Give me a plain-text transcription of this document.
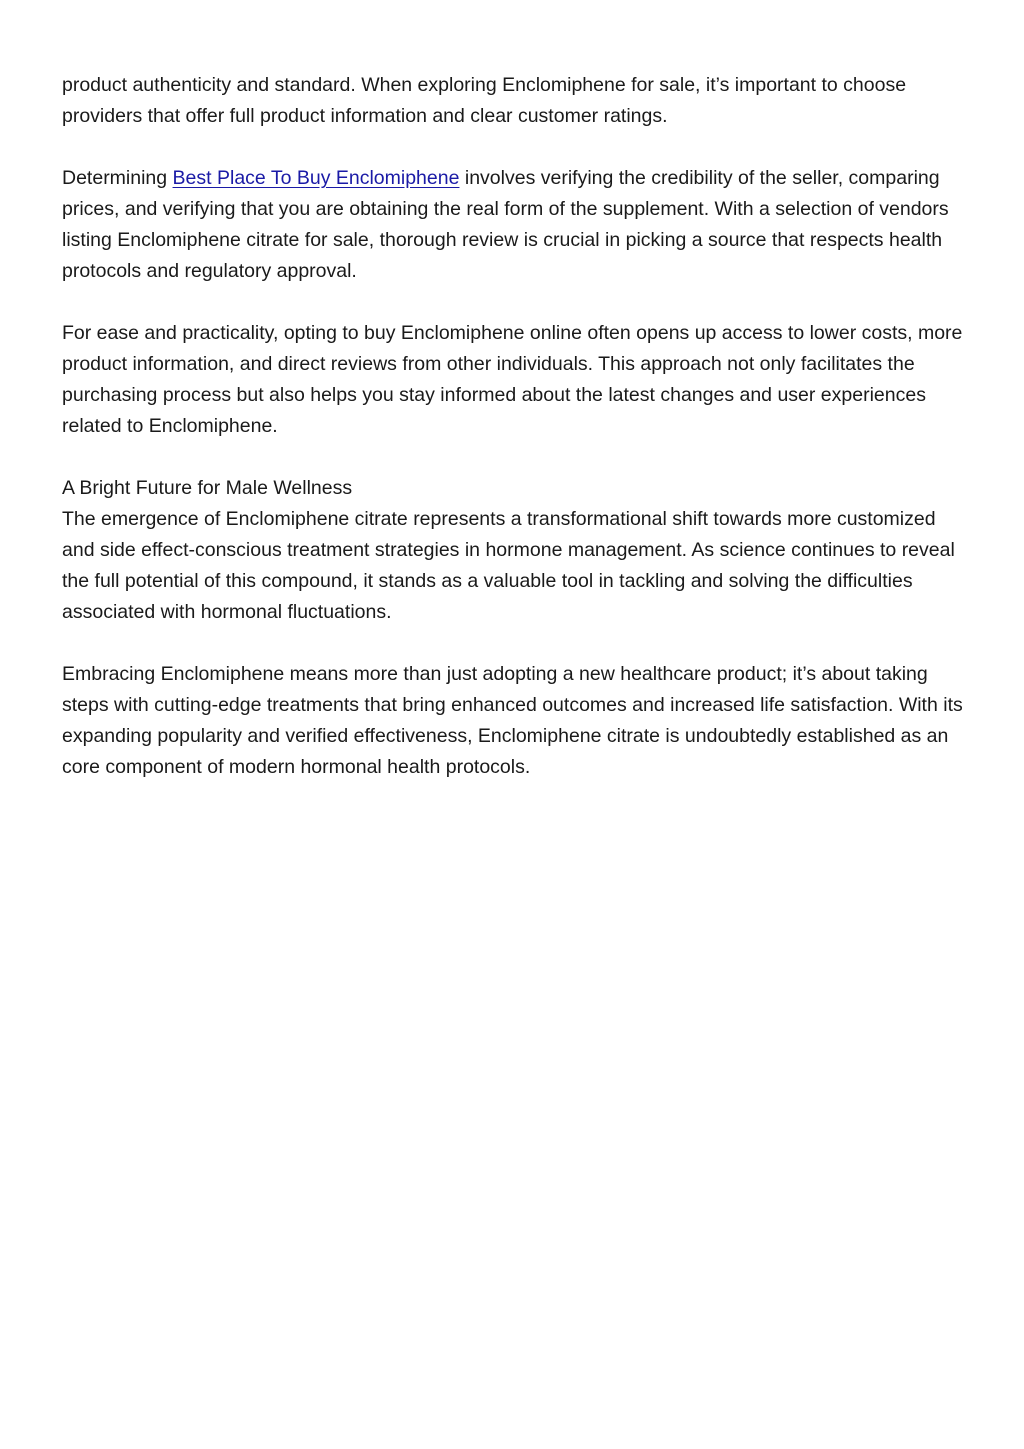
product authenticity and standard. When exploring Enclomiphene for sale, it’s important to choose providers that offer full product information and clear customer ratings.

Determining Best Place To Buy Enclomiphene involves verifying the credibility of the seller, comparing prices, and verifying that you are obtaining the real form of the supplement. With a selection of vendors listing Enclomiphene citrate for sale, thorough review is crucial in picking a source that respects health protocols and regulatory approval.

For ease and practicality, opting to buy Enclomiphene online often opens up access to lower costs, more product information, and direct reviews from other individuals. This approach not only facilitates the purchasing process but also helps you stay informed about the latest changes and user experiences related to Enclomiphene.

A Bright Future for Male Wellness

The emergence of Enclomiphene citrate represents a transformational shift towards more customized and side effect-conscious treatment strategies in hormone management. As science continues to reveal the full potential of this compound, it stands as a valuable tool in tackling and solving the difficulties associated with hormonal fluctuations.

Embracing Enclomiphene means more than just adopting a new healthcare product; it’s about taking steps with cutting-edge treatments that bring enhanced outcomes and increased life satisfaction. With its expanding popularity and verified effectiveness, Enclomiphene citrate is undoubtedly established as an core component of modern hormonal health protocols.
